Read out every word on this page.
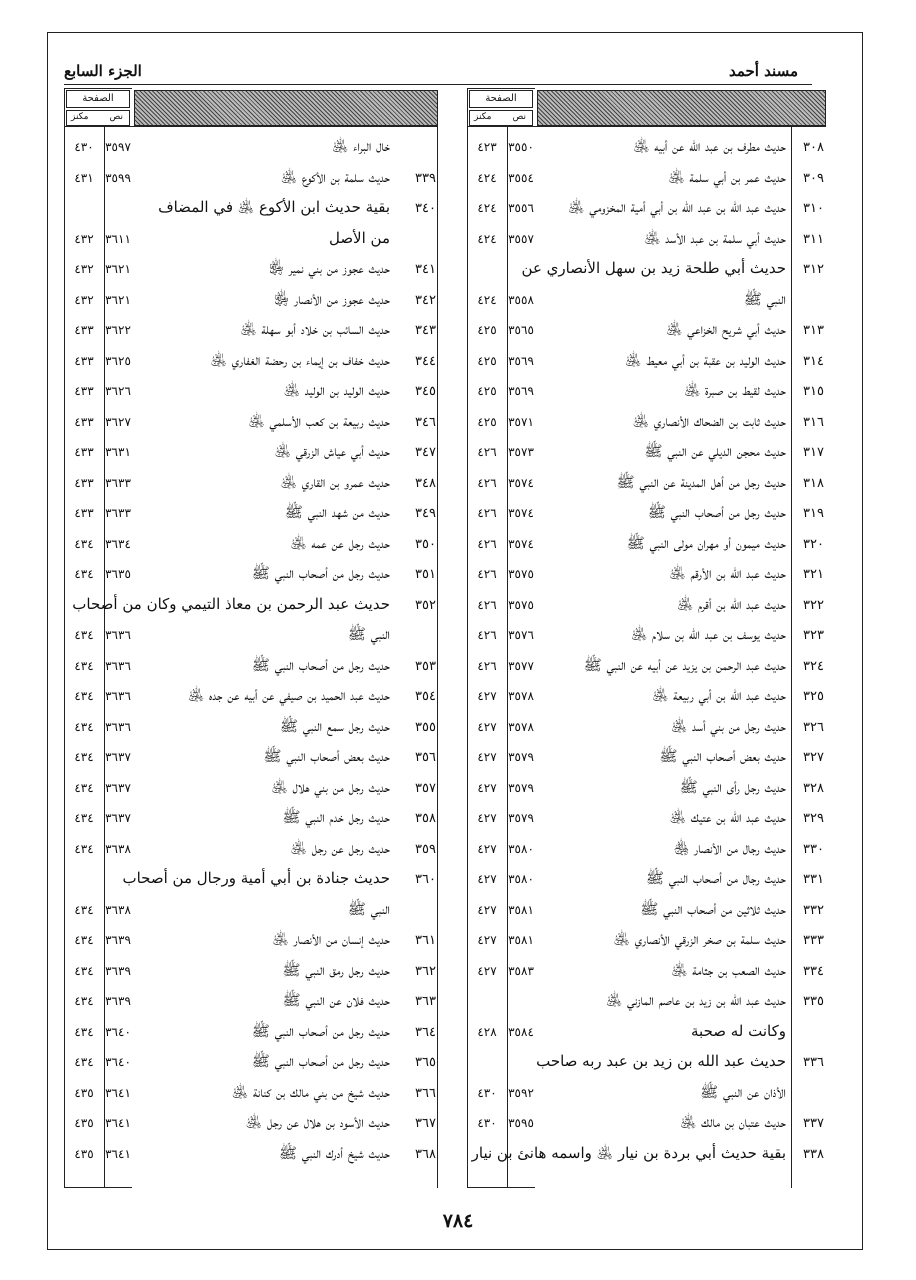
مسند أحمد
الجزء السابع
الصفحة
نص
مكنز
٣٠٨
حديث مطرف بن عبد الله عن أبيه ﵁
٣٥٥٠
٤٢٣
٣٠٩
حديث عمر بن أبي سلمة ﵁
٣٥٥٤
٤٢٤
٣١٠
حديث عبد الله بن عبد الله بن أبي أمية المخزومي ﵁
٣٥٥٦
٤٢٤
٣١١
حديث أبي سلمة بن عبد الأسد ﵁
٣٥٥٧
٤٢٤
٣١٢
حديث أبي طلحة زيد بن سهل الأنصاري عن
النبي ﷺ
٣٥٥٨
٤٢٤
٣١٣
حديث أبي شريح الخزاعي ﵁
٣٥٦٥
٤٢٥
٣١٤
حديث الوليد بن عقبة بن أبي معيط ﵁
٣٥٦٩
٤٢٥
٣١٥
حديث لقيط بن صبرة ﵁
٣٥٦٩
٤٢٥
٣١٦
حديث ثابت بن الضحاك الأنصاري ﵁
٣٥٧١
٤٢٥
٣١٧
حديث محجن الديلي عن النبي ﷺ
٣٥٧٣
٤٢٦
٣١٨
حديث رجل من أهل المدينة عن النبي ﷺ
٣٥٧٤
٤٢٦
٣١٩
حديث رجل من أصحاب النبي ﷺ
٣٥٧٤
٤٢٦
٣٢٠
حديث ميمون أو مهران مولى النبي ﷺ
٣٥٧٤
٤٢٦
٣٢١
حديث عبد الله بن الأرقم ﵁
٣٥٧٥
٤٢٦
٣٢٢
حديث عبد الله بن أقرم ﵁
٣٥٧٥
٤٢٦
٣٢٣
حديث يوسف بن عبد الله بن سلام ﵁
٣٥٧٦
٤٢٦
٣٢٤
حديث عبد الرحمن بن يزيد عن أبيه عن النبي ﷺ
٣٥٧٧
٤٢٦
٣٢٥
حديث عبد الله بن أبي ربيعة ﵁
٣٥٧٨
٤٢٧
٣٢٦
حديث رجل من بني أسد ﵁
٣٥٧٨
٤٢٧
٣٢٧
حديث بعض أصحاب النبي ﷺ
٣٥٧٩
٤٢٧
٣٢٨
حديث رجل رأى النبي ﷺ
٣٥٧٩
٤٢٧
٣٢٩
حديث عبد الله بن عتيك ﵁
٣٥٧٩
٤٢٧
٣٣٠
حديث رجال من الأنصار ﵃
٣٥٨٠
٤٢٧
٣٣١
حديث رجال من أصحاب النبي ﷺ
٣٥٨٠
٤٢٧
٣٣٢
حديث ثلاثين من أصحاب النبي ﷺ
٣٥٨١
٤٢٧
٣٣٣
حديث سلمة بن صخر الزرقي الأنصاري ﵁
٣٥٨١
٤٢٧
٣٣٤
حديث الصعب بن جثامة ﵁
٣٥٨٣
٤٢٧
٣٣٥
حديث عبد الله بن زيد بن عاصم المازني ﵁
وكانت له صحبة
٣٥٨٤
٤٢٨
٣٣٦
حديث عبد الله بن زيد بن عبد ربه صاحب
الأذان عن النبي ﷺ
٣٥٩٢
٤٣٠
٣٣٧
حديث عتبان بن مالك ﵁
٣٥٩٥
٤٣٠
٣٣٨
بقية حديث أبي بردة بن نيار ﵁ واسمه هانئ بن نيار
الصفحة
نص
مكنز
خال البراء ﵁
٣٥٩٧
٤٣٠
٣٣٩
حديث سلمة بن الأكوع ﵁
٣٥٩٩
٤٣١
٣٤٠
بقية حديث ابن الأكوع ﵁ في المضاف
من الأصل
٣٦١١
٤٣٢
٣٤١
حديث عجوز من بني نمير ﵂
٣٦٢١
٤٣٢
٣٤٢
حديث عجوز من الأنصار ﵂
٣٦٢١
٤٣٢
٣٤٣
حديث السائب بن خلاد أبو سهلة ﵁
٣٦٢٢
٤٣٣
٣٤٤
حديث خفاف بن إيماء بن رحضة الغفاري ﵁
٣٦٢٥
٤٣٣
٣٤٥
حديث الوليد بن الوليد ﵁
٣٦٢٦
٤٣٣
٣٤٦
حديث ربيعة بن كعب الأسلمي ﵁
٣٦٢٧
٤٣٣
٣٤٧
حديث أبي عياش الزرقي ﵁
٣٦٣١
٤٣٣
٣٤٨
حديث عمرو بن القاري ﵁
٣٦٣٣
٤٣٣
٣٤٩
حديث من شهد النبي ﷺ
٣٦٣٣
٤٣٣
٣٥٠
حديث رجل عن عمه ﵁
٣٦٣٤
٤٣٤
٣٥١
حديث رجل من أصحاب النبي ﷺ
٣٦٣٥
٤٣٤
٣٥٢
حديث عبد الرحمن بن معاذ التيمي وكان من أصحاب
النبي ﷺ
٣٦٣٦
٤٣٤
٣٥٣
حديث رجل من أصحاب النبي ﷺ
٣٦٣٦
٤٣٤
٣٥٤
حديث عبد الحميد بن صيفي عن أبيه عن جده ﵁
٣٦٣٦
٤٣٤
٣٥٥
حديث رجل سمع النبي ﷺ
٣٦٣٦
٤٣٤
٣٥٦
حديث بعض أصحاب النبي ﷺ
٣٦٣٧
٤٣٤
٣٥٧
حديث رجل من بني هلال ﵁
٣٦٣٧
٤٣٤
٣٥٨
حديث رجل خدم النبي ﷺ
٣٦٣٧
٤٣٤
٣٥٩
حديث رجل عن رجل ﵁
٣٦٣٨
٤٣٤
٣٦٠
حديث جنادة بن أبي أمية ورجال من أصحاب
النبي ﷺ
٣٦٣٨
٤٣٤
٣٦١
حديث إنسان من الأنصار ﵁
٣٦٣٩
٤٣٤
٣٦٢
حديث رجل رمق النبي ﷺ
٣٦٣٩
٤٣٤
٣٦٣
حديث فلان عن النبي ﷺ
٣٦٣٩
٤٣٤
٣٦٤
حديث رجل من أصحاب النبي ﷺ
٣٦٤٠
٤٣٤
٣٦٥
حديث رجل من أصحاب النبي ﷺ
٣٦٤٠
٤٣٤
٣٦٦
حديث شيخ من بني مالك بن كنانة ﵁
٣٦٤١
٤٣٥
٣٦٧
حديث الأسود بن هلال عن رجل ﵁
٣٦٤١
٤٣٥
٣٦٨
حديث شيخ أدرك النبي ﷺ
٣٦٤١
٤٣٥
٧٨٤
